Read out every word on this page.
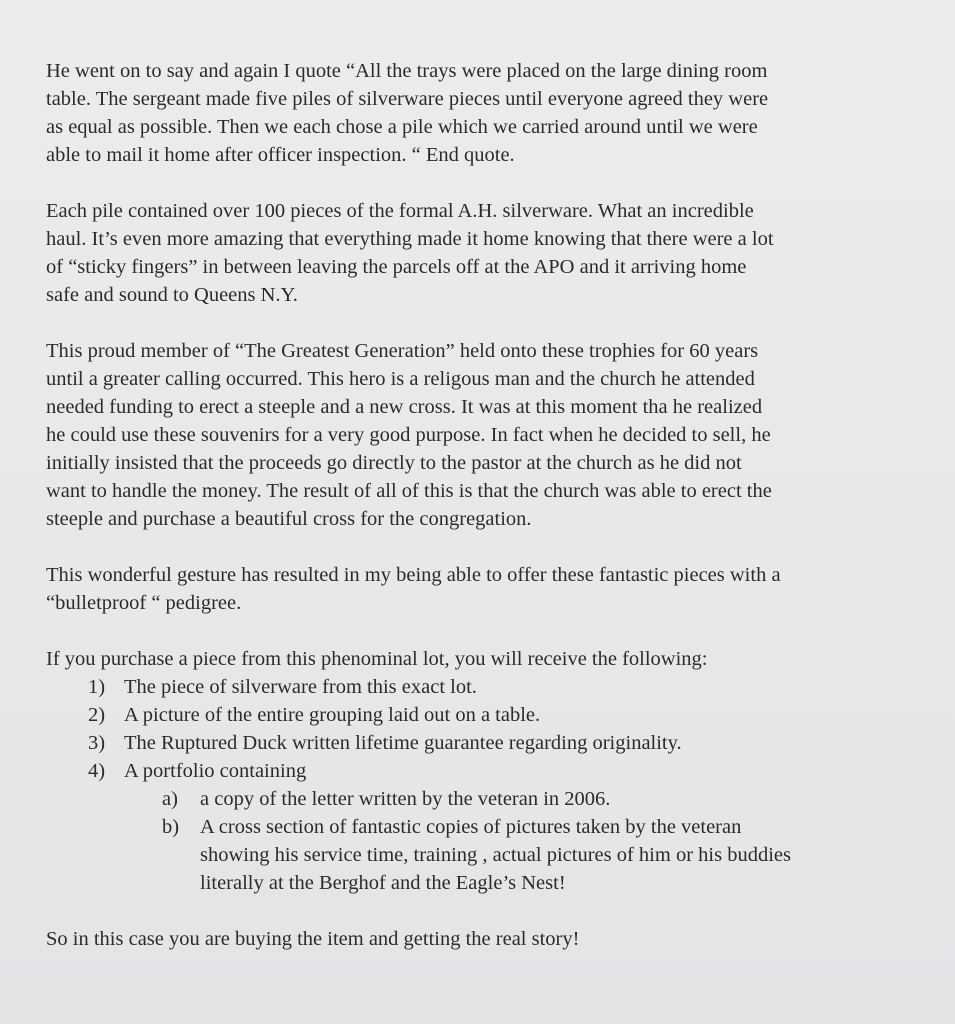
He went on to say and again I quote “All the trays were placed on the large dining room
table. The sergeant made five piles of silverware pieces until everyone agreed they were
as equal as possible. Then we each chose a pile which we carried around until we were
able to mail it home after officer inspection. “ End quote.

Each pile contained over 100 pieces of the formal A.H. silverware. What an incredible
haul. It’s even more amazing that everything made it home knowing that there were a lot
of “sticky fingers” in between leaving the parcels off at the APO and it arriving home
safe and sound to Queens N.Y.

This proud member of “The Greatest Generation” held onto these trophies for 60 years
until a greater calling occurred. This hero is a religous man and the church he attended
needed funding to erect a steeple and a new cross. It was at this moment tha he realized
he could use these souvenirs for a very good purpose. In fact when he decided to sell, he
initially insisted that the proceeds go directly to the pastor at the church as he did not
want to handle the money. The result of all of this is that the church was able to erect the
steeple and purchase a beautiful cross for the congregation.

This wonderful gesture has resulted in my being able to offer these fantastic pieces with a
“bulletproof “ pedigree.

If you purchase a piece from this phenominal lot, you will receive the following:
1) The piece of silverware from this exact lot.
2) A picture of the entire grouping laid out on a table.
3) The Ruptured Duck written lifetime guarantee regarding originality.
4) A portfolio containing
a)	a copy of the letter written by the veteran in 2006.
b)	A cross section of fantastic copies of pictures taken by the veteran
showing his service time, training , actual pictures of him or his buddies
literally at the Berghof and the Eagle’s Nest!

So in this case you are buying the item and getting the real story!
